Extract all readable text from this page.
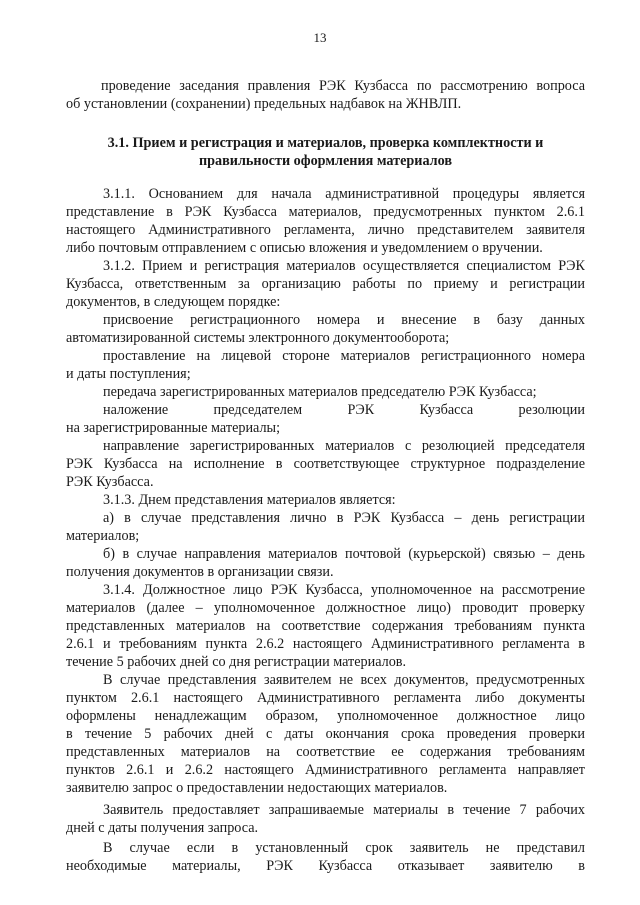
13
проведение заседания правления РЭК Кузбасса по рассмотрению вопроса
об установлении (сохранении) предельных надбавок на ЖНВЛП.
3.1. Прием и регистрация и материалов, проверка комплектности и
правильности оформления материалов
3.1.1. Основанием для начала административной процедуры является
представление в РЭК Кузбасса материалов, предусмотренных пунктом 2.6.1
настоящего Административного регламента, лично представителем заявителя
либо почтовым отправлением с описью вложения и уведомлением о вручении.
3.1.2. Прием и регистрация материалов осуществляется специалистом РЭК
Кузбасса, ответственным за организацию работы по приему и регистрации
документов, в следующем порядке:
присвоение регистрационного номера и внесение в базу данных
автоматизированной системы электронного документооборота;
проставление на лицевой стороне материалов регистрационного номера
и даты поступления;
передача зарегистрированных материалов председателю РЭК Кузбасса;
наложение председателем РЭК Кузбасса резолюции
на зарегистрированные материалы;
направление зарегистрированных материалов с резолюцией председателя
РЭК Кузбасса на исполнение в соответствующее структурное подразделение
РЭК Кузбасса.
3.1.3. Днем представления материалов является:
а) в случае представления лично в РЭК Кузбасса – день регистрации
материалов;
б) в случае направления материалов почтовой (курьерской) связью – день
получения документов в организации связи.
3.1.4. Должностное лицо РЭК Кузбасса, уполномоченное на рассмотрение
материалов (далее – уполномоченное должностное лицо) проводит проверку
представленных материалов на соответствие содержания требованиям пункта
2.6.1 и требованиям пункта 2.6.2 настоящего Административного регламента в
течение 5 рабочих дней со дня регистрации материалов.
В случае представления заявителем не всех документов, предусмотренных
пунктом 2.6.1 настоящего Административного регламента либо документы
оформлены ненадлежащим образом, уполномоченное должностное лицо
в течение 5 рабочих дней с даты окончания срока проведения проверки
представленных материалов на соответствие ее содержания требованиям
пунктов 2.6.1 и 2.6.2 настоящего Административного регламента направляет
заявителю запрос о предоставлении недостающих материалов.
Заявитель предоставляет запрашиваемые материалы в течение 7 рабочих
дней с даты получения запроса.
В случае если в установленный срок заявитель не представил
необходимые материалы, РЭК Кузбасса отказывает заявителю в
